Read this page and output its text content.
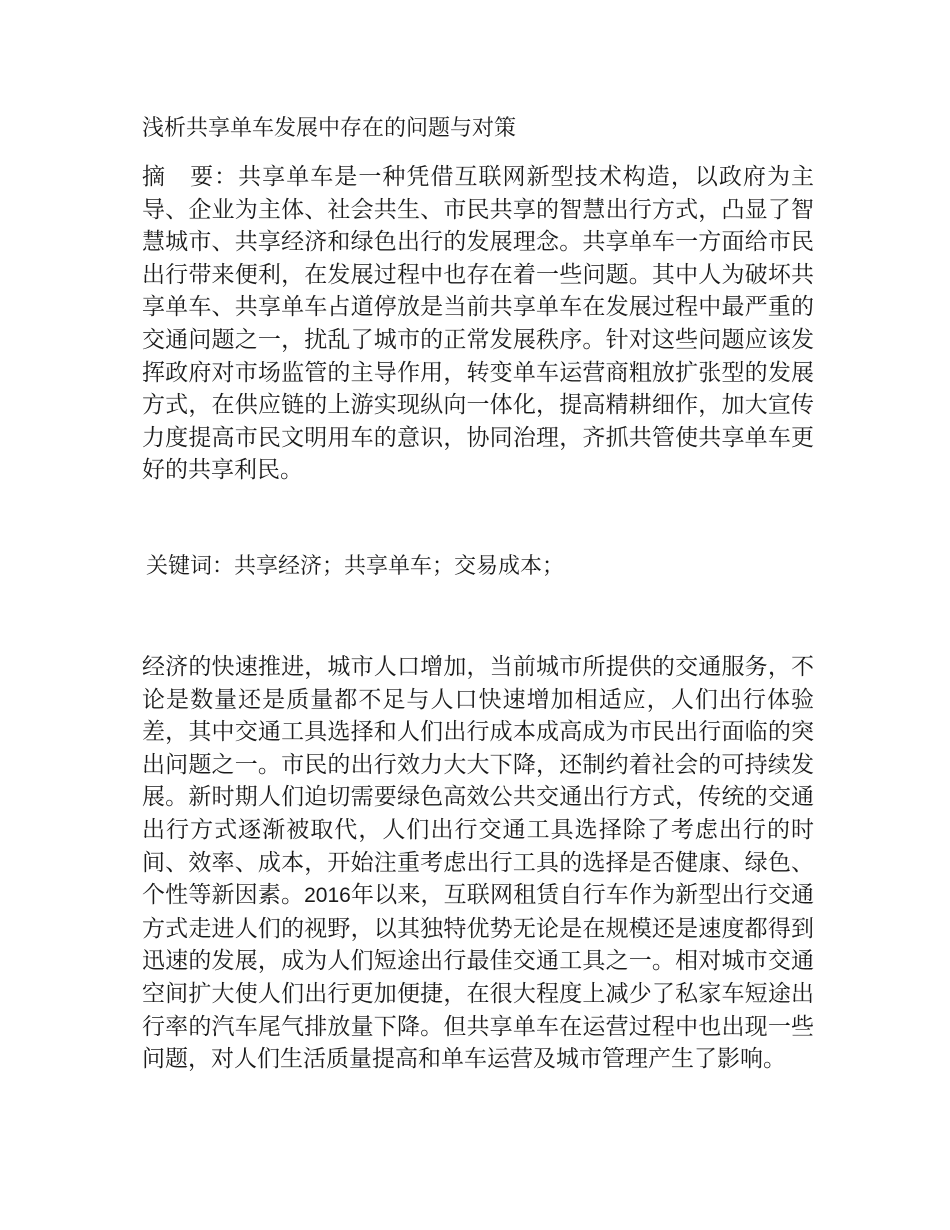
浅析共享单车发展中存在的问题与对策

摘　要：共享单车是一种凭借互联网新型技术构造，以政府为主导、企业为主体、社会共生、市民共享的智慧出行方式，凸显了智慧城市、共享经济和绿色出行的发展理念。共享单车一方面给市民出行带来便利，在发展过程中也存在着一些问题。其中人为破坏共享单车、共享单车占道停放是当前共享单车在发展过程中最严重的交通问题之一，扰乱了城市的正常发展秩序。针对这些问题应该发挥政府对市场监管的主导作用，转变单车运营商粗放扩张型的发展方式，在供应链的上游实现纵向一体化，提高精耕细作，加大宣传力度提高市民文明用车的意识，协同治理，齐抓共管使共享单车更好的共享利民。

关键词：共享经济；共享单车；交易成本；

经济的快速推进，城市人口增加，当前城市所提供的交通服务，不论是数量还是质量都不足与人口快速增加相适应，人们出行体验差，其中交通工具选择和人们出行成本成高成为市民出行面临的突出问题之一。市民的出行效力大大下降，还制约着社会的可持续发展。新时期人们迫切需要绿色高效公共交通出行方式，传统的交通出行方式逐渐被取代，人们出行交通工具选择除了考虑出行的时间、效率、成本，开始注重考虑出行工具的选择是否健康、绿色、个性等新因素。2016年以来，互联网租赁自行车作为新型出行交通方式走进人们的视野，以其独特优势无论是在规模还是速度都得到迅速的发展，成为人们短途出行最佳交通工具之一。相对城市交通空间扩大使人们出行更加便捷，在很大程度上减少了私家车短途出行率的汽车尾气排放量下降。但共享单车在运营过程中也出现一些问题，对人们生活质量提高和单车运营及城市管理产生了影响。
